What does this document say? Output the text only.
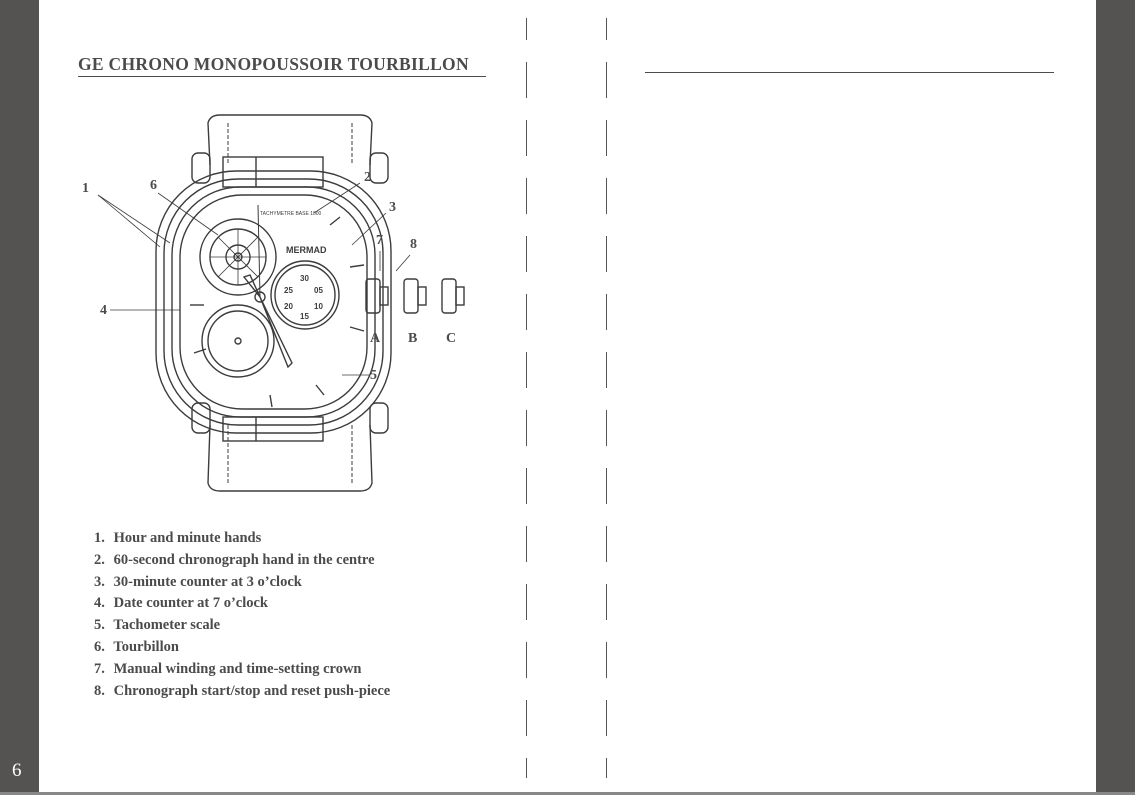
6
GE CHRONO MONOPOUSSOIR TOURBILLON
1	6
2
3
7 8
4
5
A B C
MERMAD
TACHYMETRE BASE 1000
30
25	05
20	10
15
1. Hour and minute hands
2. 60-second chronograph hand in the centre
3. 30-minute counter at 3 o’clock
4. Date counter at 7 o’clock
5. Tachometer scale
6. Tourbillon
7. Manual winding and time-setting crown
8. Chronograph start/stop and reset push-piece
